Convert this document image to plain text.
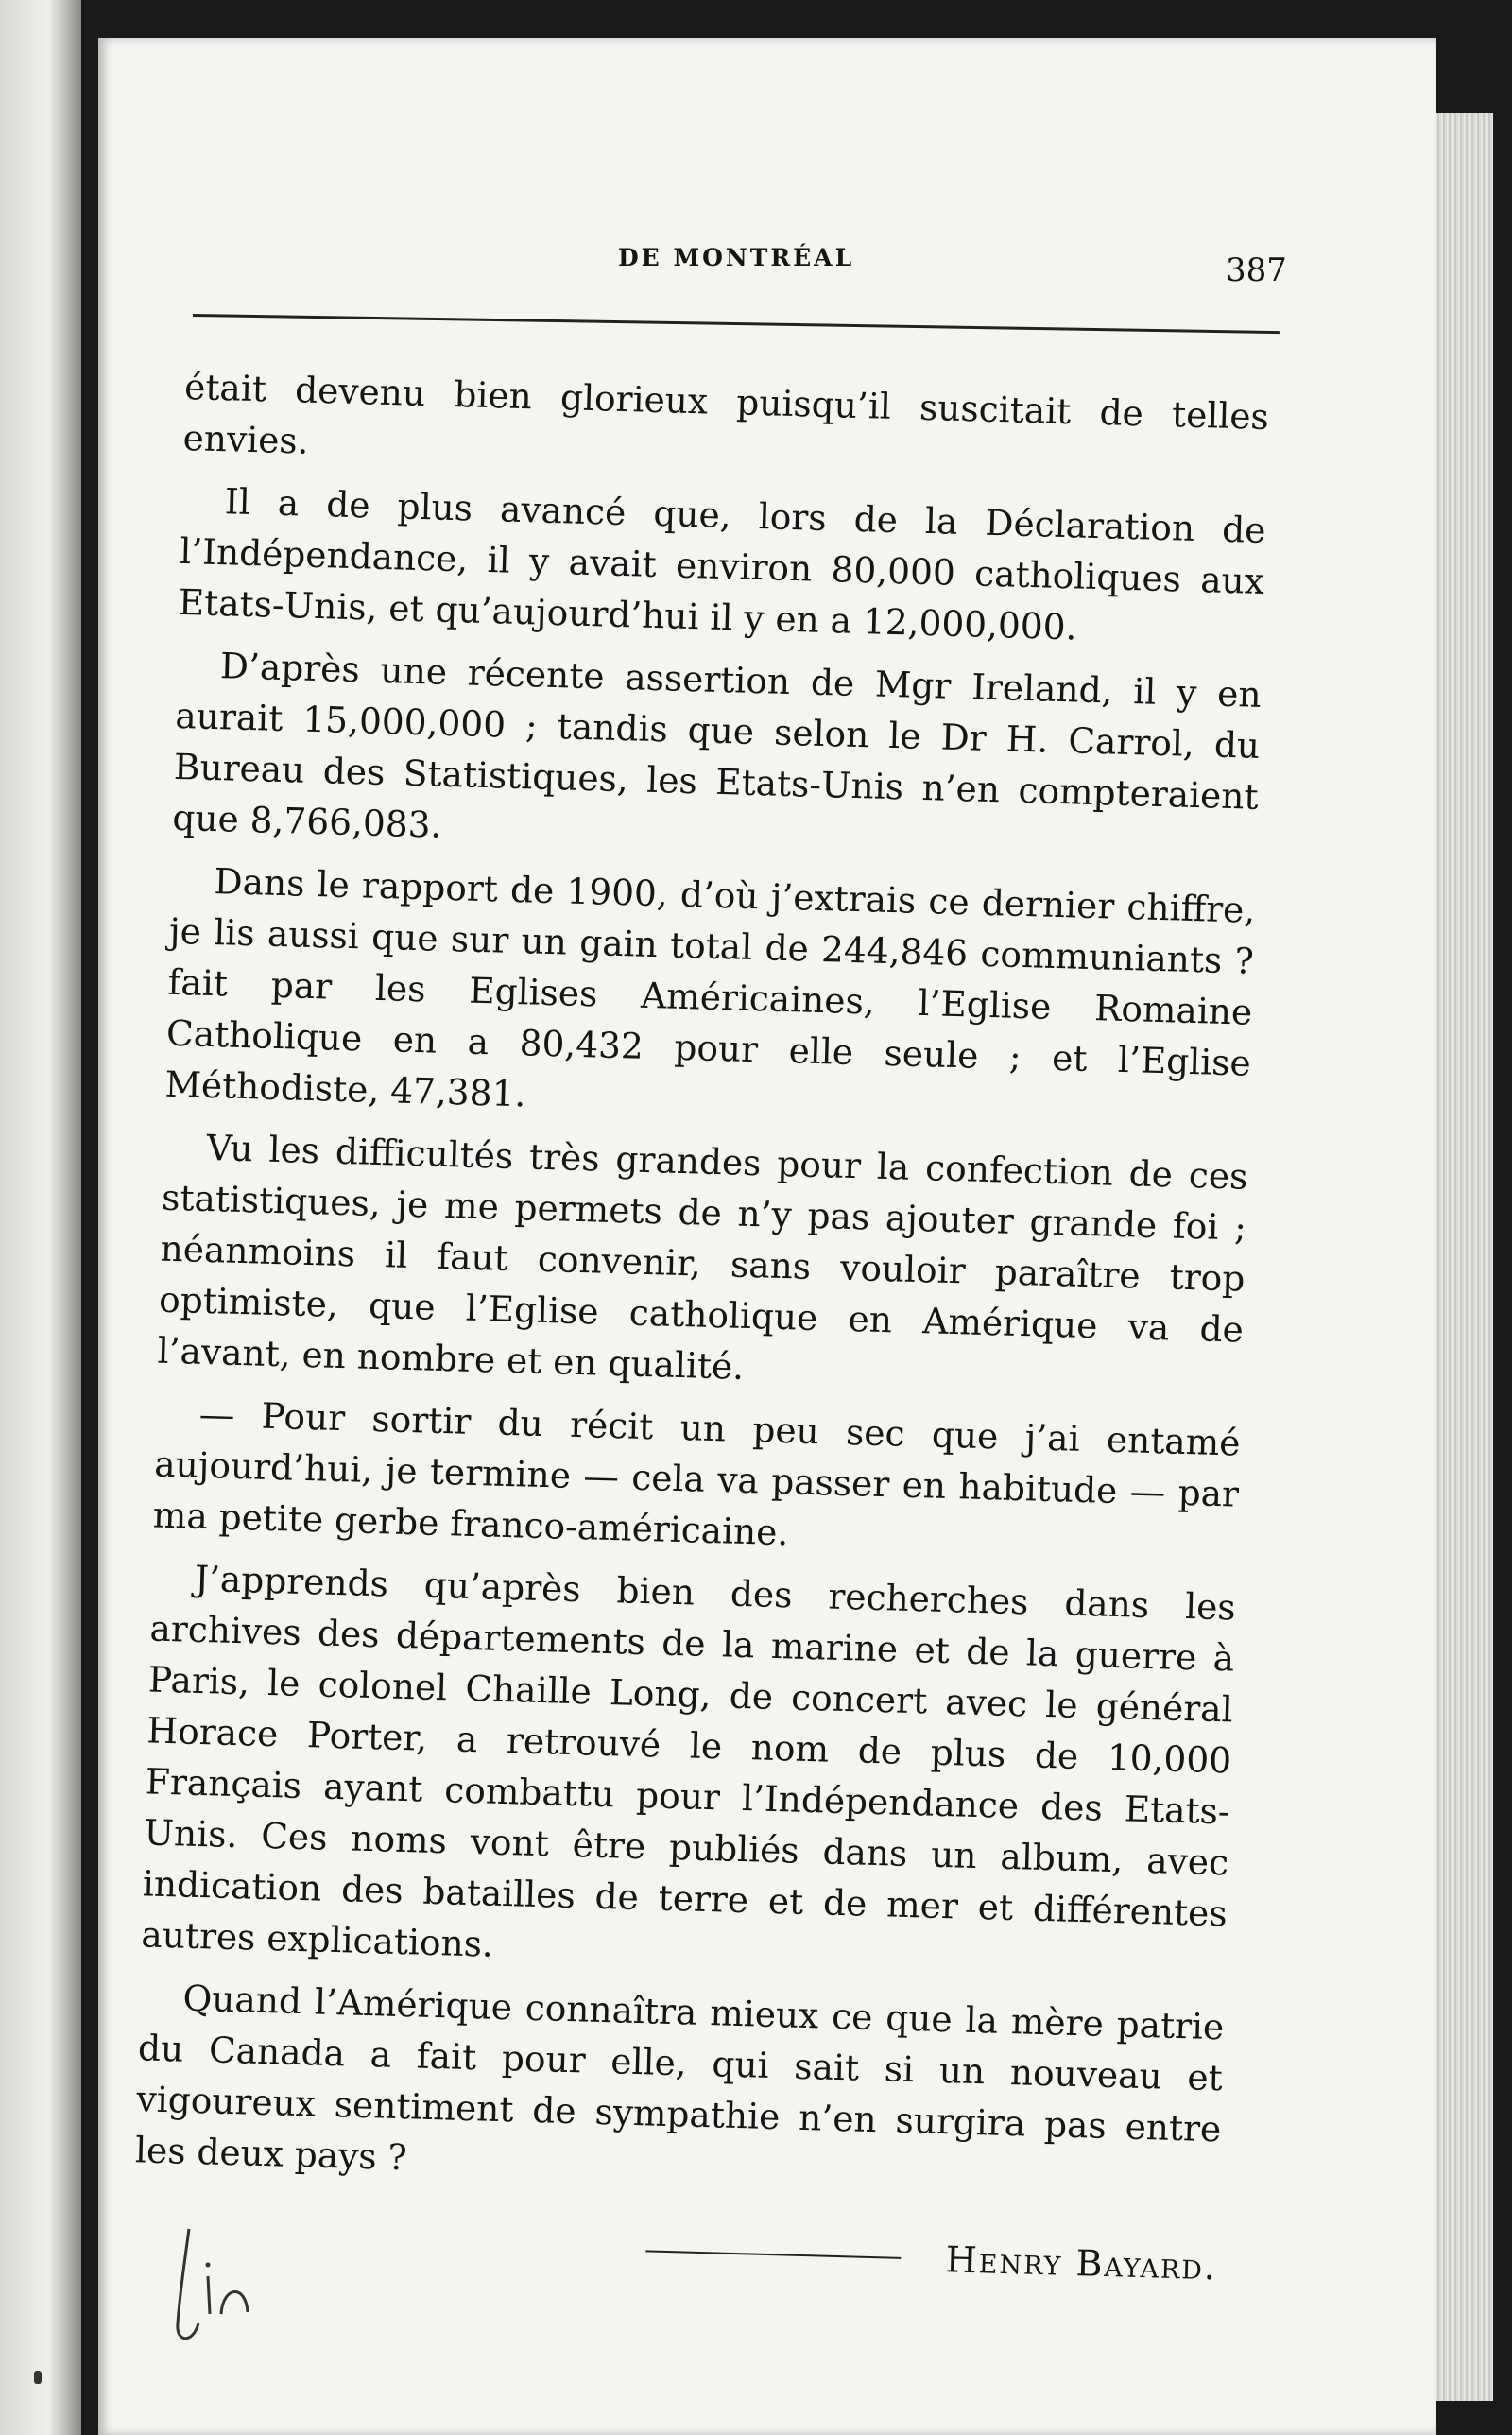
DE MONTRÉAL	387

était devenu bien glorieux puisqu’il suscitait de telles envies.

Il a de plus avancé que, lors de la Déclaration de l’Indépendance, il y avait environ 80,000 catholiques aux Etats-Unis, et qu’aujourd’hui il y en a 12,000,000.

D’après une récente assertion de Mgr Ireland, il y en aurait 15,000,000 ; tandis que selon le Dr H. Carrol, du Bureau des Statistiques, les Etats-Unis n’en compteraient que 8,766,083.

Dans le rapport de 1900, d’où j’extrais ce dernier chiffre, je lis aussi que sur un gain total de 244,846 communiants ? fait par les Eglises Américaines, l’Eglise Romaine Catholique en a 80,432 pour elle seule ; et l’Eglise Méthodiste, 47,381.

Vu les difficultés très grandes pour la confection de ces statistiques, je me permets de n’y pas ajouter grande foi ; néanmoins il faut convenir, sans vouloir paraître trop optimiste, que l’Eglise catholique en Amérique va de l’avant, en nombre et en qualité.

— Pour sortir du récit un peu sec que j’ai entamé aujourd’hui, je termine — cela va passer en habitude — par ma petite gerbe franco-américaine.

J’apprends qu’après bien des recherches dans les archives des départements de la marine et de la guerre à Paris, le colonel Chaille Long, de concert avec le général Horace Porter, a retrouvé le nom de plus de 10,000 Français ayant combattu pour l’Indépendance des Etats-Unis. Ces noms vont être publiés dans un album, avec indication des batailles de terre et de mer et différentes autres explications.

Quand l’Amérique connaîtra mieux ce que la mère patrie du Canada a fait pour elle, qui sait si un nouveau et vigoureux sentiment de sympathie n’en surgira pas entre les deux pays ?

Henry Bayard.
